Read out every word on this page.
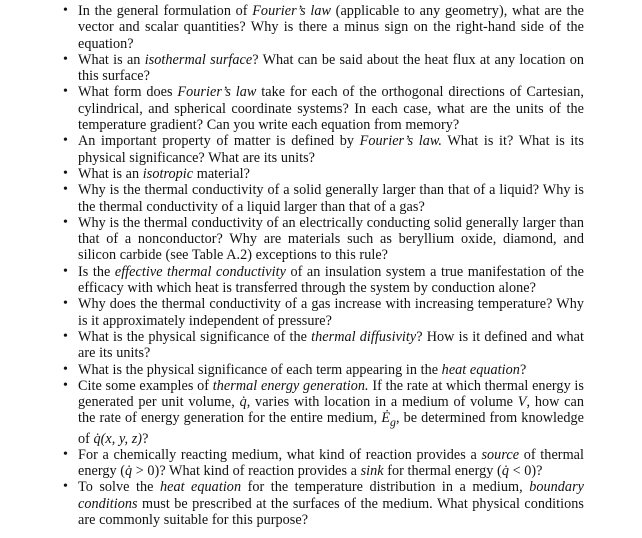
• In the general formulation of Fourier’s law (applicable to any geometry), what are the vector and scalar quantities? Why is there a minus sign on the right-hand side of the equation?
• What is an isothermal surface? What can be said about the heat flux at any location on this surface?
• What form does Fourier’s law take for each of the orthogonal directions of Cartesian, cylindrical, and spherical coordinate systems? In each case, what are the units of the temperature gradient? Can you write each equation from memory?
• An important property of matter is defined by Fourier’s law. What is it? What is its physical significance? What are its units?
• What is an isotropic material?
• Why is the thermal conductivity of a solid generally larger than that of a liquid? Why is the thermal conductivity of a liquid larger than that of a gas?
• Why is the thermal conductivity of an electrically conducting solid generally larger than that of a nonconductor? Why are materials such as beryllium oxide, diamond, and silicon carbide (see Table A.2) exceptions to this rule?
• Is the effective thermal conductivity of an insulation system a true manifestation of the efficacy with which heat is transferred through the system by conduction alone?
• Why does the thermal conductivity of a gas increase with increasing temperature? Why is it approximately independent of pressure?
• What is the physical significance of the thermal diffusivity? How is it defined and what are its units?
• What is the physical significance of each term appearing in the heat equation?
• Cite some examples of thermal energy generation. If the rate at which thermal energy is generated per unit volume, q̇, varies with location in a medium of volume V, how can the rate of energy generation for the entire medium, $Ė_g$, be determined from knowledge of q̇(x, y, z)?
• For a chemically reacting medium, what kind of reaction provides a source of thermal energy (q̇ > 0)? What kind of reaction provides a sink for thermal energy (q̇ < 0)?
• To solve the heat equation for the temperature distribution in a medium, boundary conditions must be prescribed at the surfaces of the medium. What physical conditions are commonly suitable for this purpose?
